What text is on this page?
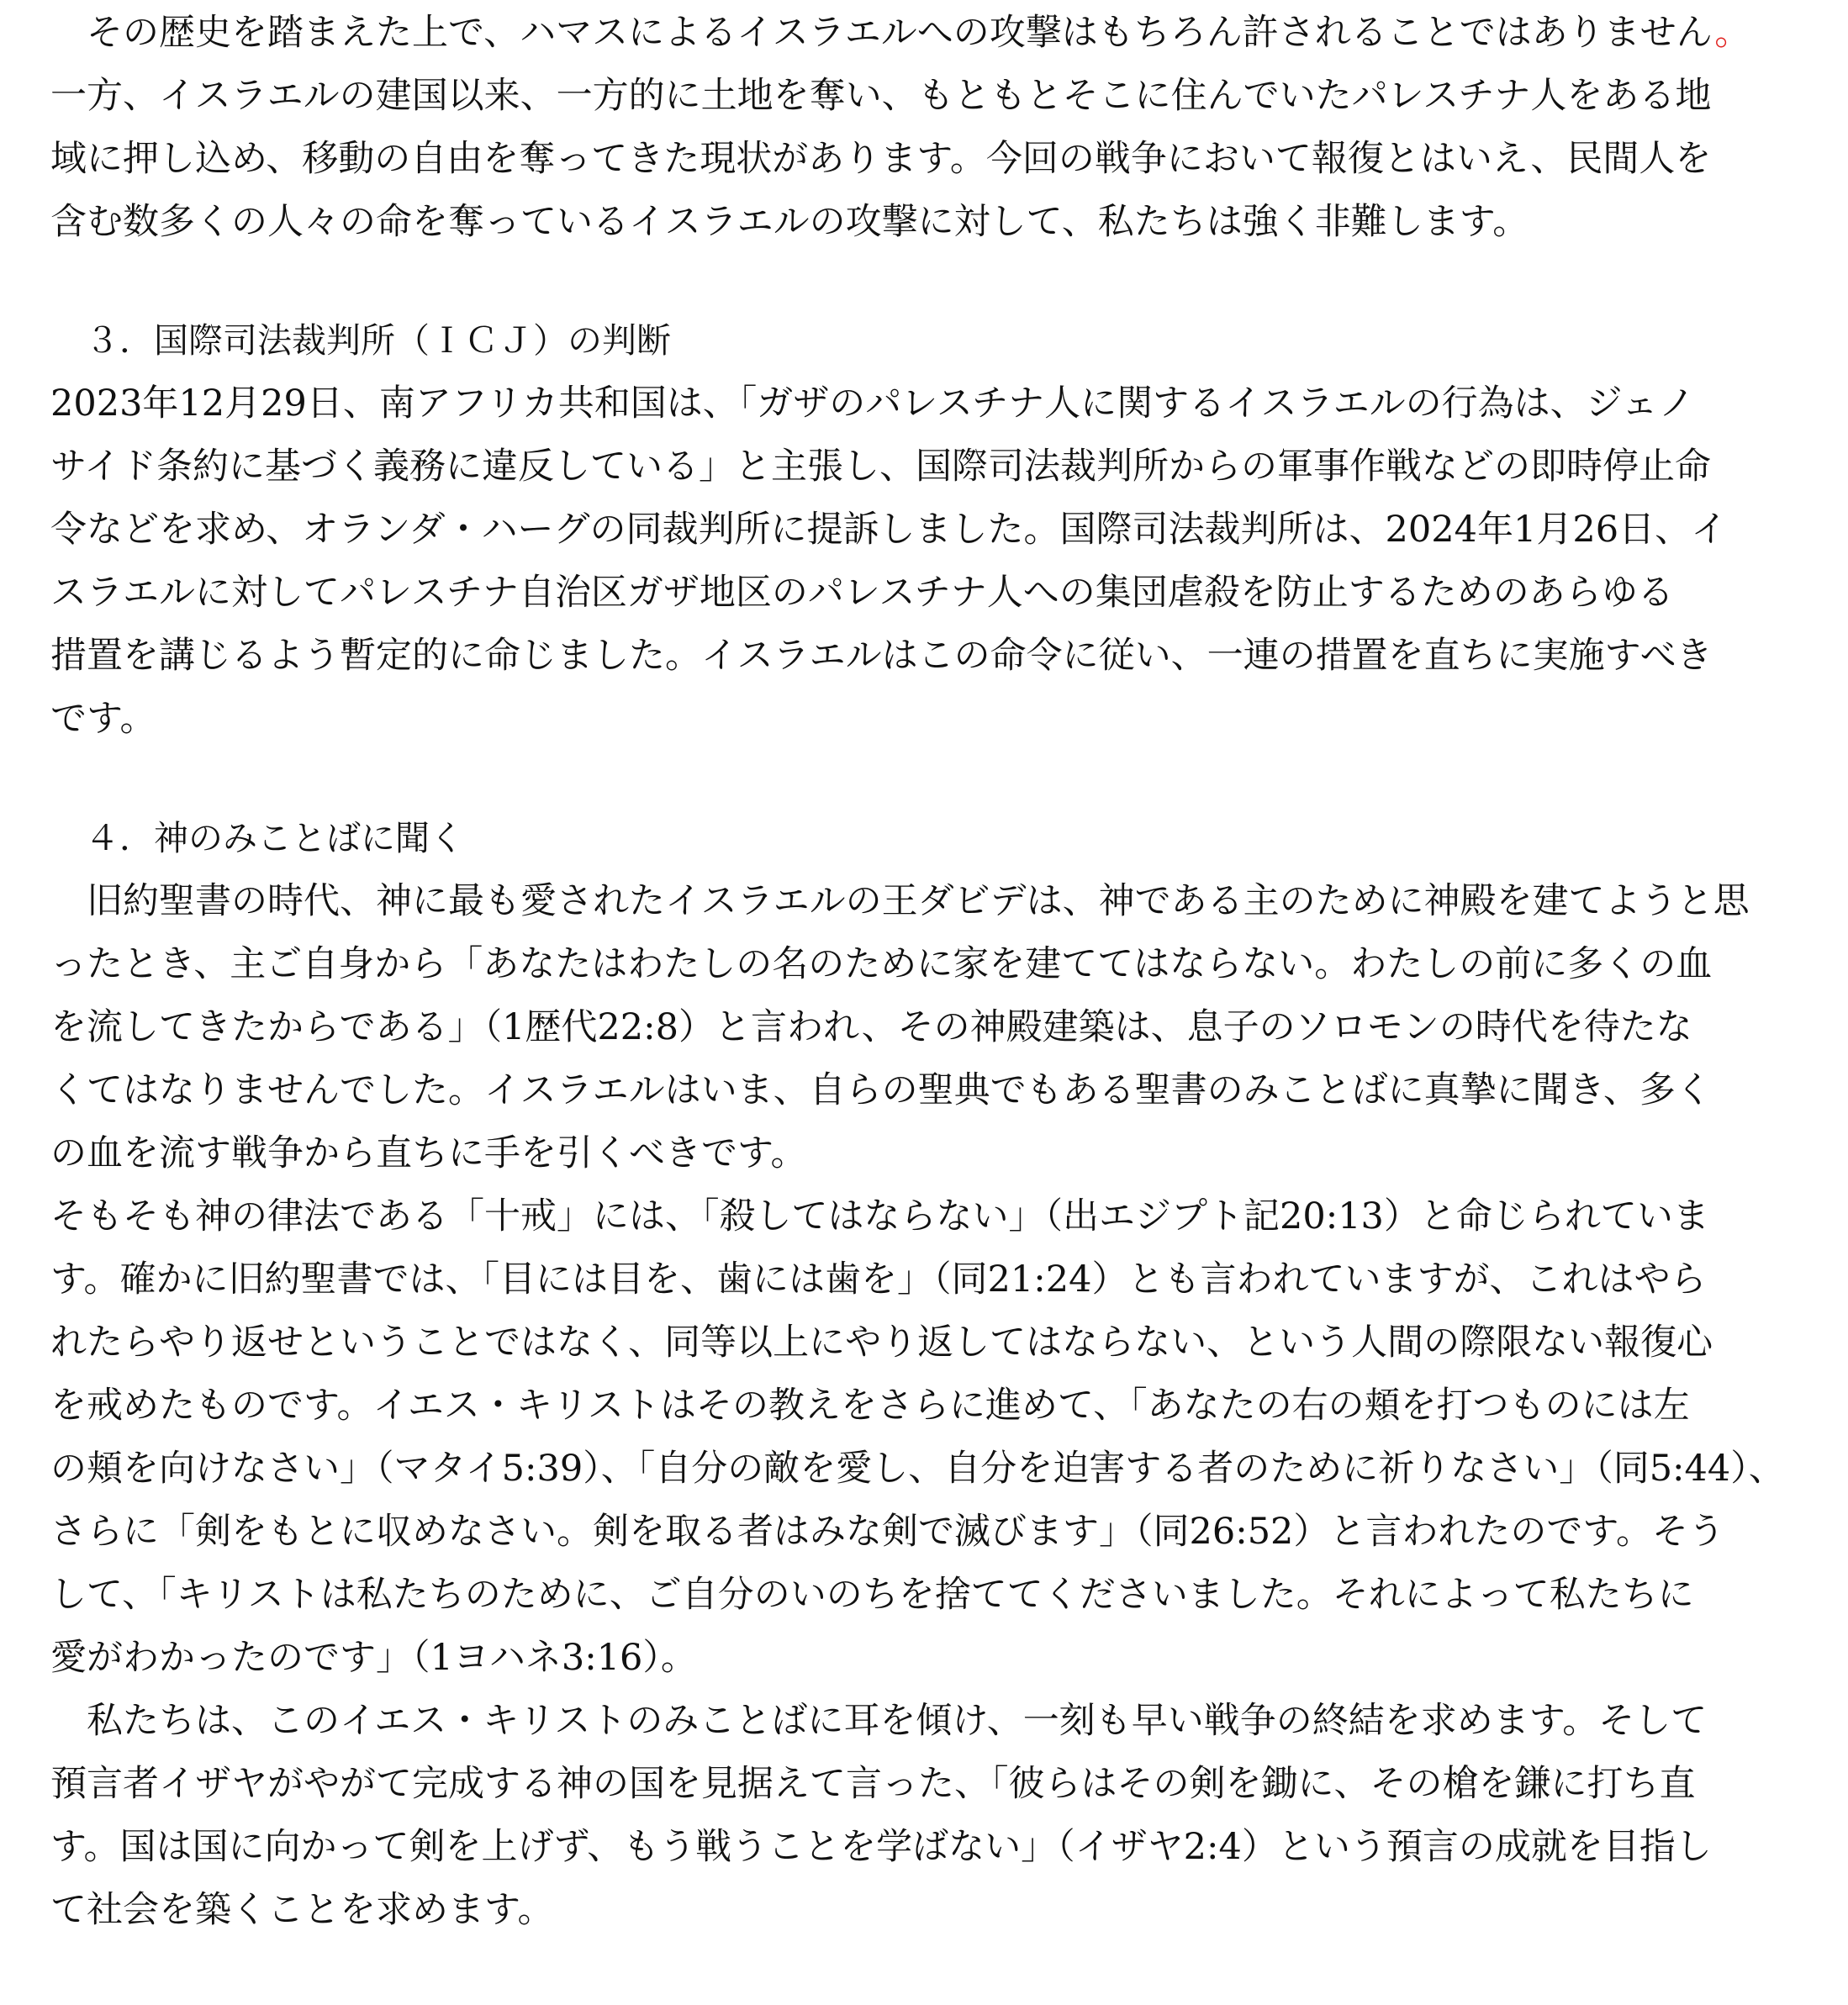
　その歴史を踏まえた上で、ハマスによるイスラエルへの攻撃はもちろん許されることではありません。
一方、イスラエルの建国以来、一方的に土地を奪い、もともとそこに住んでいたパレスチナ人をある地
域に押し込め、移動の自由を奪ってきた現状があります。今回の戦争において報復とはいえ、民間人を
含む数多くの人々の命を奪っているイスラエルの攻撃に対して、私たちは強く非難します。
　３．国際司法裁判所（ＩＣＪ）の判断
2023年12月29日、南アフリカ共和国は、「ガザのパレスチナ人に関するイスラエルの行為は、ジェノ
サイド条約に基づく義務に違反している」と主張し、国際司法裁判所からの軍事作戦などの即時停止命
令などを求め、オランダ・ハーグの同裁判所に提訴しました。国際司法裁判所は、2024年1月26日、イ
スラエルに対してパレスチナ自治区ガザ地区のパレスチナ人への集団虐殺を防止するためのあらゆる
措置を講じるよう暫定的に命じました。イスラエルはこの命令に従い、一連の措置を直ちに実施すべき
です。
　４．神のみことばに聞く
　旧約聖書の時代、神に最も愛されたイスラエルの王ダビデは、神である主のために神殿を建てようと思
ったとき、主ご自身から「あなたはわたしの名のために家を建ててはならない。わたしの前に多くの血
を流してきたからである」（1歴代22:8）と言われ、その神殿建築は、息子のソロモンの時代を待たな
くてはなりませんでした。イスラエルはいま、自らの聖典でもある聖書のみことばに真摯に聞き、多く
の血を流す戦争から直ちに手を引くべきです。
そもそも神の律法である「十戒」には、「殺してはならない」（出エジプト記20:13）と命じられていま
す。確かに旧約聖書では、「目には目を、歯には歯を」（同21:24）とも言われていますが、これはやら
れたらやり返せということではなく、同等以上にやり返してはならない、という人間の際限ない報復心
を戒めたものです。イエス・キリストはその教えをさらに進めて、「あなたの右の頬を打つものには左
の頬を向けなさい」（マタイ5:39）、「自分の敵を愛し、自分を迫害する者のために祈りなさい」（同5:44）、
さらに「剣をもとに収めなさい。剣を取る者はみな剣で滅びます」（同26:52）と言われたのです。そう
して、「キリストは私たちのために、ご自分のいのちを捨ててくださいました。それによって私たちに
愛がわかったのです」（1ヨハネ3:16）。
　私たちは、このイエス・キリストのみことばに耳を傾け、一刻も早い戦争の終結を求めます。そして
預言者イザヤがやがて完成する神の国を見据えて言った、「彼らはその剣を鋤に、その槍を鎌に打ち直
す。国は国に向かって剣を上げず、もう戦うことを学ばない」（イザヤ2:4）という預言の成就を目指し
て社会を築くことを求めます。
